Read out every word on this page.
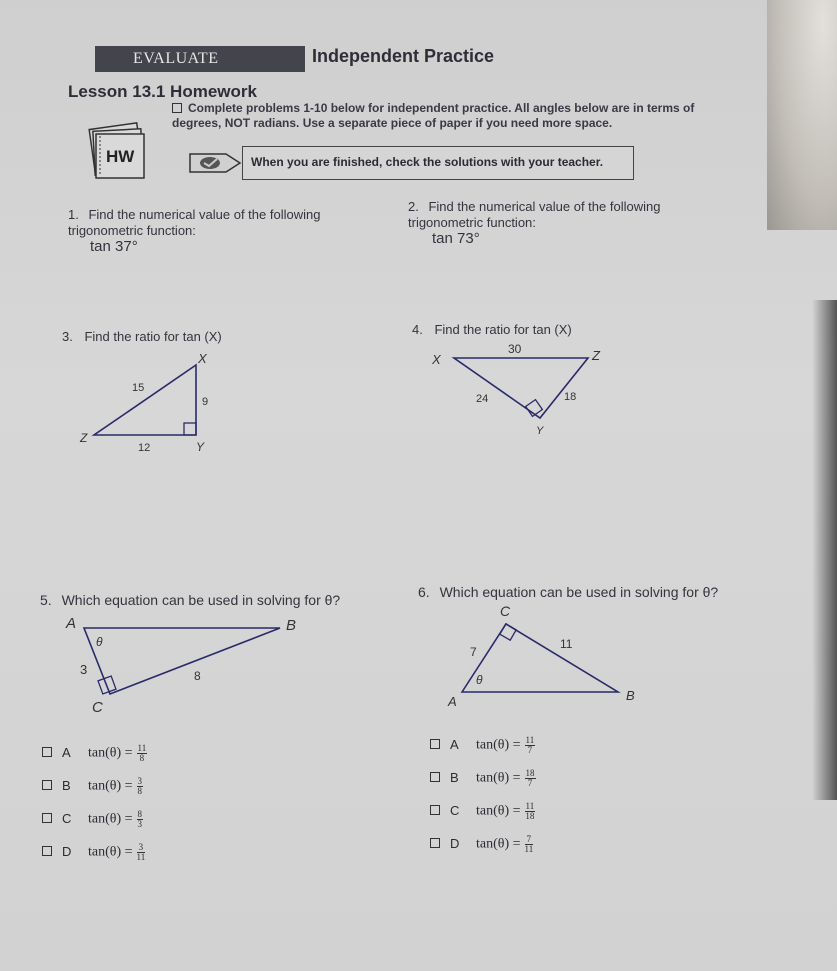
EVALUATE	Independent Practice
Lesson 13.1 Homework
HW
Complete problems 1-10 below for independent practice. All angles below are in terms of degrees, NOT radians. Use a separate piece of paper if you need more space.
When you are finished, check the solutions with your teacher.
1. Find the numerical value of the following trigonometric function:
tan 37°
2. Find the numerical value of the following trigonometric function:
tan 73°
3. Find the ratio for tan (X)
X
Y
Z
15
12
9
4. Find the ratio for tan (X)
X	Z
Y
30
24	18
5. Which equation can be used in solving for θ?
A	B
C
θ
3	8
A $\tan(\theta) = \frac{11}{8}$
B $\tan(\theta) = \frac{3}{8}$
C $\tan(\theta) = \frac{8}{3}$
D $\tan(\theta) = \frac{3}{11}$
6. Which equation can be used in solving for θ?
C
A	B
θ
7
11
A $\tan(\theta) = \frac{11}{7}$
B $\tan(\theta) = \frac{18}{7}$
C $\tan(\theta) = \frac{11}{18}$
D $\tan(\theta) = \frac{7}{11}$
